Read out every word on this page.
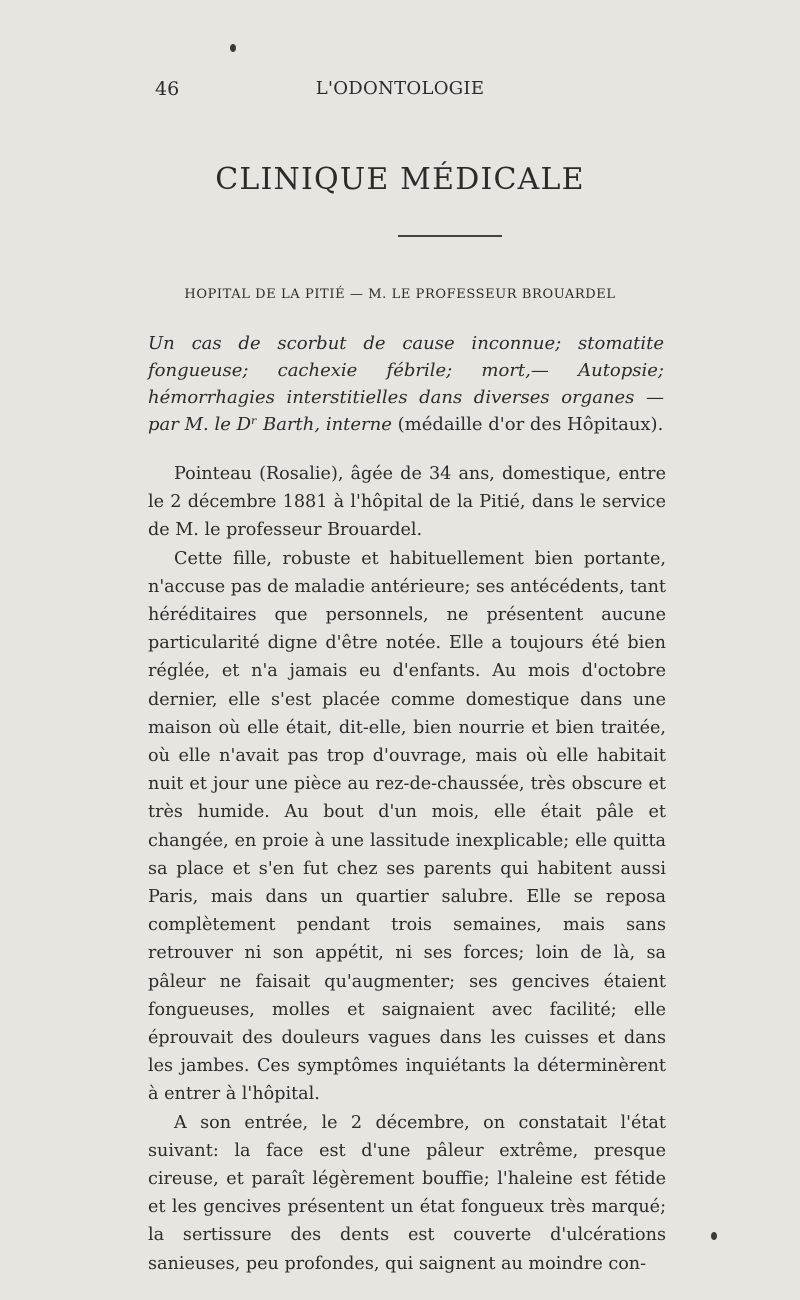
46	L'ODONTOLOGIE
CLINIQUE MÉDICALE
HOPITAL DE LA PITIÉ — M. LE PROFESSEUR BROUARDEL

Un cas de scorbut de cause inconnue; stomatite fongueuse; cachexie fébrile; mort,— Autopsie; hémorrhagies interstitielles dans diverses organes —par M. le Dʳ Barth, interne (médaille d'or des Hôpitaux).

Pointeau (Rosalie), âgée de 34 ans, domestique, entre le 2 décembre 1881 à l'hôpital de la Pitié, dans le service de M. le professeur Brouardel.

Cette fille, robuste et habituellement bien portante, n'accuse pas de maladie antérieure; ses antécédents, tant héréditaires que personnels, ne présentent aucune particularité digne d'être notée. Elle a toujours été bien réglée, et n'a jamais eu d'enfants. Au mois d'octobre dernier, elle s'est placée comme domestique dans une maison où elle était, dit-elle, bien nourrie et bien traitée, où elle n'avait pas trop d'ouvrage, mais où elle habitait nuit et jour une pièce au rez-de-chaussée, très obscure et très humide. Au bout d'un mois, elle était pâle et changée, en proie à une lassitude inexplicable; elle quitta sa place et s'en fut chez ses parents qui habitent aussi Paris, mais dans un quartier salubre. Elle se reposa complètement pendant trois semaines, mais sans retrouver ni son appétit, ni ses forces; loin de là, sa pâleur ne faisait qu'augmenter; ses gencives étaient fongueuses, molles et saignaient avec facilité; elle éprouvait des douleurs vagues dans les cuisses et dans les jambes. Ces symptômes inquiétants la déterminèrent à entrer à l'hôpital.

A son entrée, le 2 décembre, on constatait l'état suivant: la face est d'une pâleur extrême, presque cireuse, et paraît légèrement bouffie; l'haleine est fétide et les gencives présentent un état fongueux très marqué; la sertissure des dents est couverte d'ulcérations sanieuses, peu profondes, qui saignent au moindre con-
